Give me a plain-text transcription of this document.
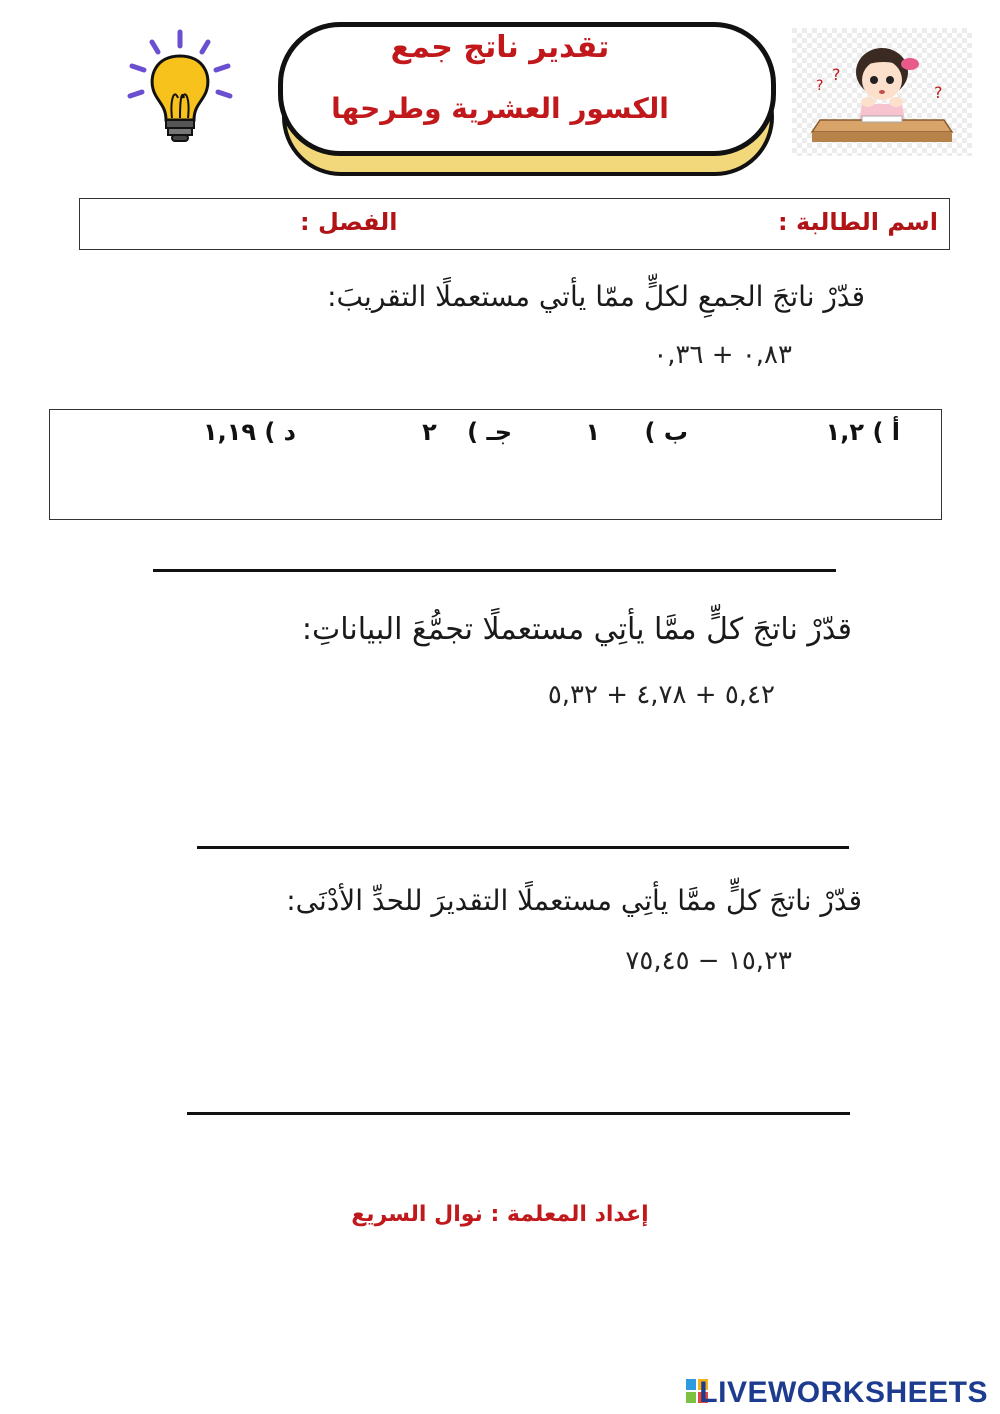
تقدير ناتج جمع
الكسور العشرية وطرحها
?
?
?
اسم الطالبة :
الفصل :
قدّرْ ناتجَ الجمعِ لكلٍّ ممّا يأتي مستعملًا التقريبَ:
٠,٨٣ + ٠,٣٦
أ ) ١,٢
ب ) ١
جـ ) ٢
د ) ١,١٩
قدّرْ ناتجَ كلٍّ ممَّا يأتِي مستعملًا تجمُّعَ البياناتِ:
٥,٤٢ + ٤,٧٨ + ٥,٣٢
قدّرْ ناتجَ كلٍّ ممَّا يأتِي مستعملًا التقديرَ للحدِّ الأدْنَى:
١٥,٢٣ − ٧٥,٤٥
إعداد المعلمة : نوال السريع
LIVEWORKSHEETS
